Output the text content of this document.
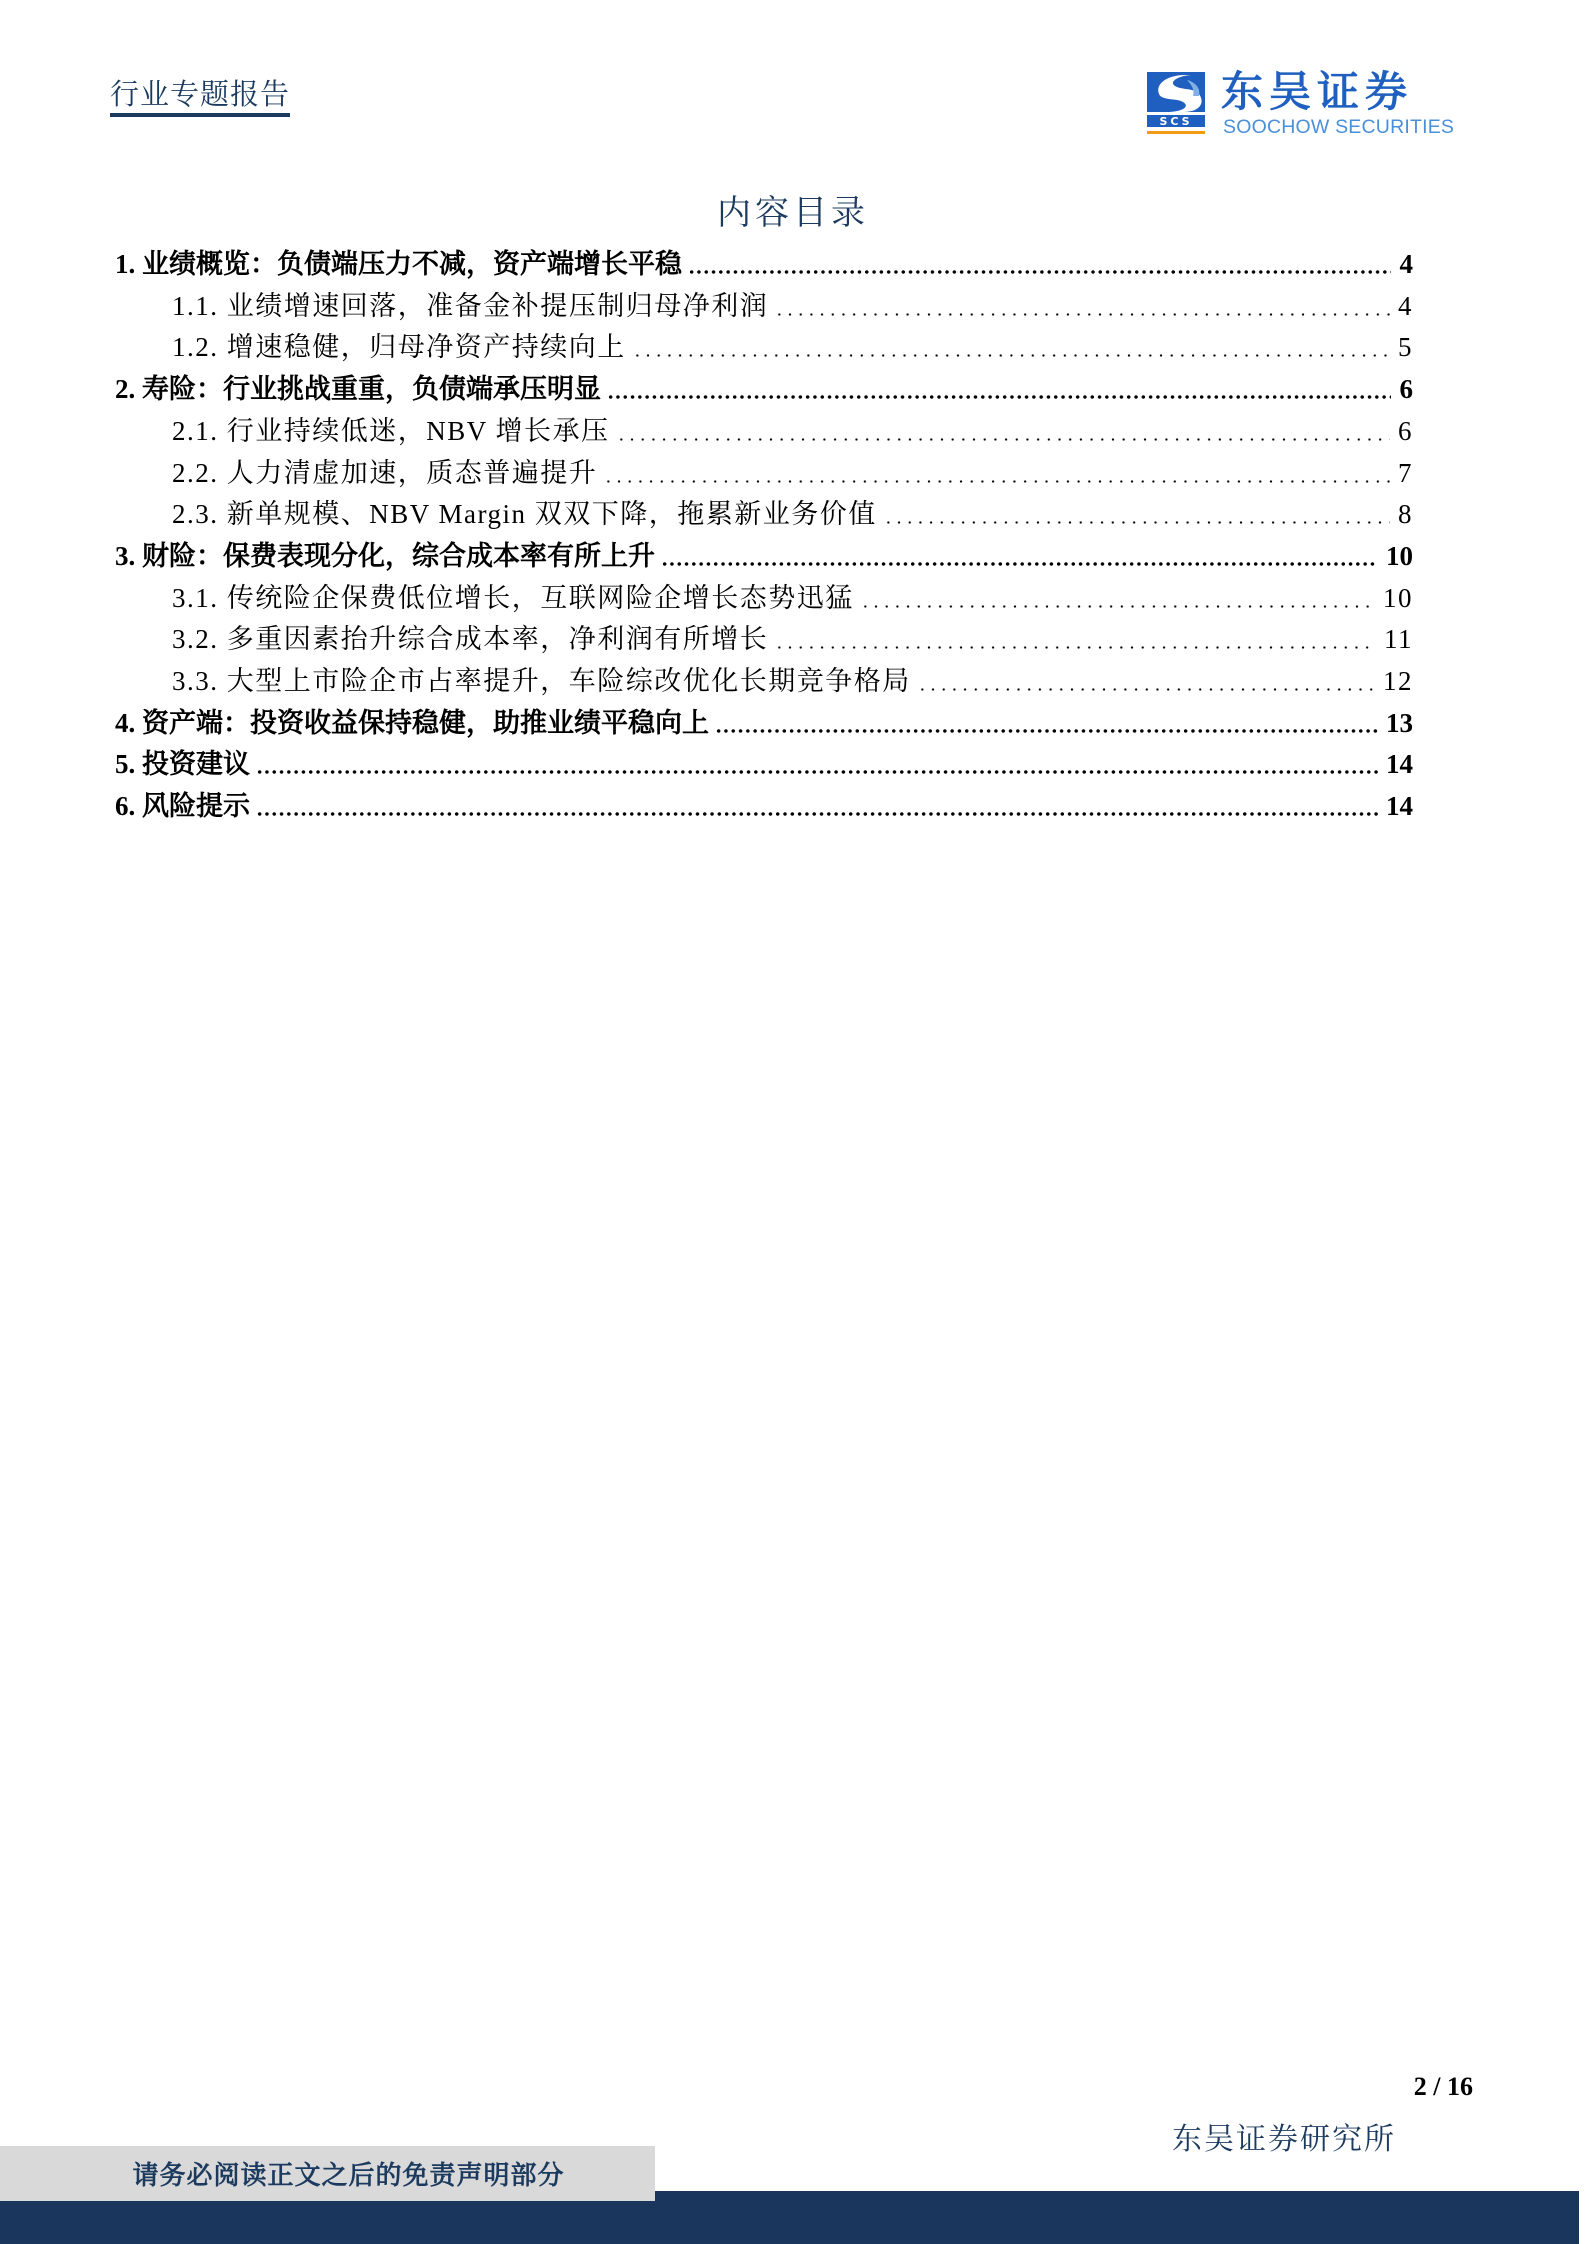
行业专题报告
SCS
东吴证券
SOOCHOW SECURITIES
内容目录
1. 业绩概览：负债端压力不减，资产端增长平稳	4
1.1. 业绩增速回落，准备金补提压制归母净利润	4
1.2. 增速稳健，归母净资产持续向上	5
2. 寿险：行业挑战重重，负债端承压明显	6
2.1. 行业持续低迷，NBV 增长承压	6
2.2. 人力清虚加速，质态普遍提升	7
2.3. 新单规模、NBV Margin 双双下降，拖累新业务价值	8
3. 财险：保费表现分化，综合成本率有所上升	10
3.1. 传统险企保费低位增长，互联网险企增长态势迅猛	10
3.2. 多重因素抬升综合成本率，净利润有所增长	11
3.3. 大型上市险企市占率提升，车险综改优化长期竞争格局	12
4. 资产端：投资收益保持稳健，助推业绩平稳向上	13
5. 投资建议	14
6. 风险提示	14
2 / 16
东吴证券研究所
请务必阅读正文之后的免责声明部分
